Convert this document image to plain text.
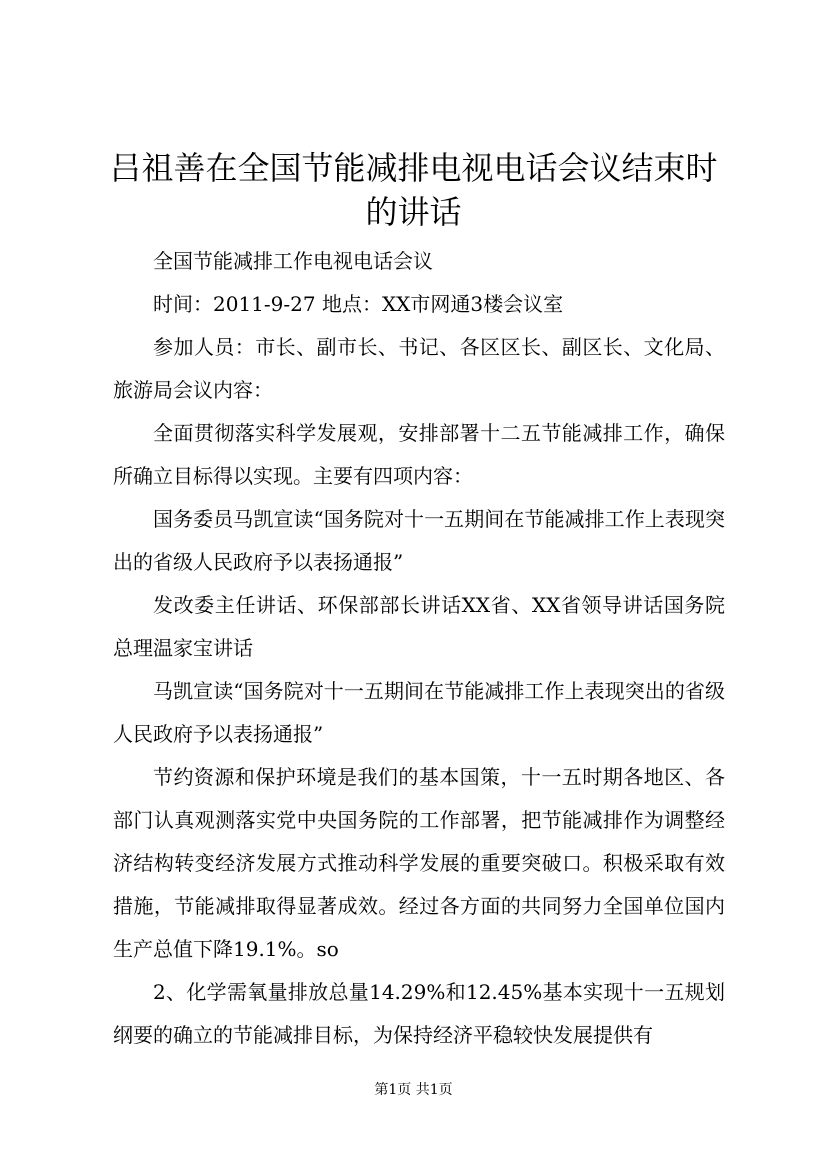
吕祖善在全国节能减排电视电话会议结束时的讲话

全国节能减排工作电视电话会议

时间：2011-9-27 地点：XX市网通3楼会议室

参加人员：市长、副市长、书记、各区区长、副区长、文化局、旅游局会议内容：

全面贯彻落实科学发展观，安排部署十二五节能减排工作，确保所确立目标得以实现。主要有四项内容：

国务委员马凯宣读“国务院对十一五期间在节能减排工作上表现突出的省级人民政府予以表扬通报”

发改委主任讲话、环保部部长讲话XX省、XX省领导讲话国务院总理温家宝讲话

马凯宣读“国务院对十一五期间在节能减排工作上表现突出的省级人民政府予以表扬通报”

节约资源和保护环境是我们的基本国策，十一五时期各地区、各部门认真观测落实党中央国务院的工作部署，把节能减排作为调整经济结构转变经济发展方式推动科学发展的重要突破口。积极采取有效措施，节能减排取得显著成效。经过各方面的共同努力全国单位国内生产总值下降19.1%。so

2、化学需氧量排放总量14.29%和12.45%基本实现十一五规划纲要的确立的节能减排目标，为保持经济平稳较快发展提供有

第1页 共1页
